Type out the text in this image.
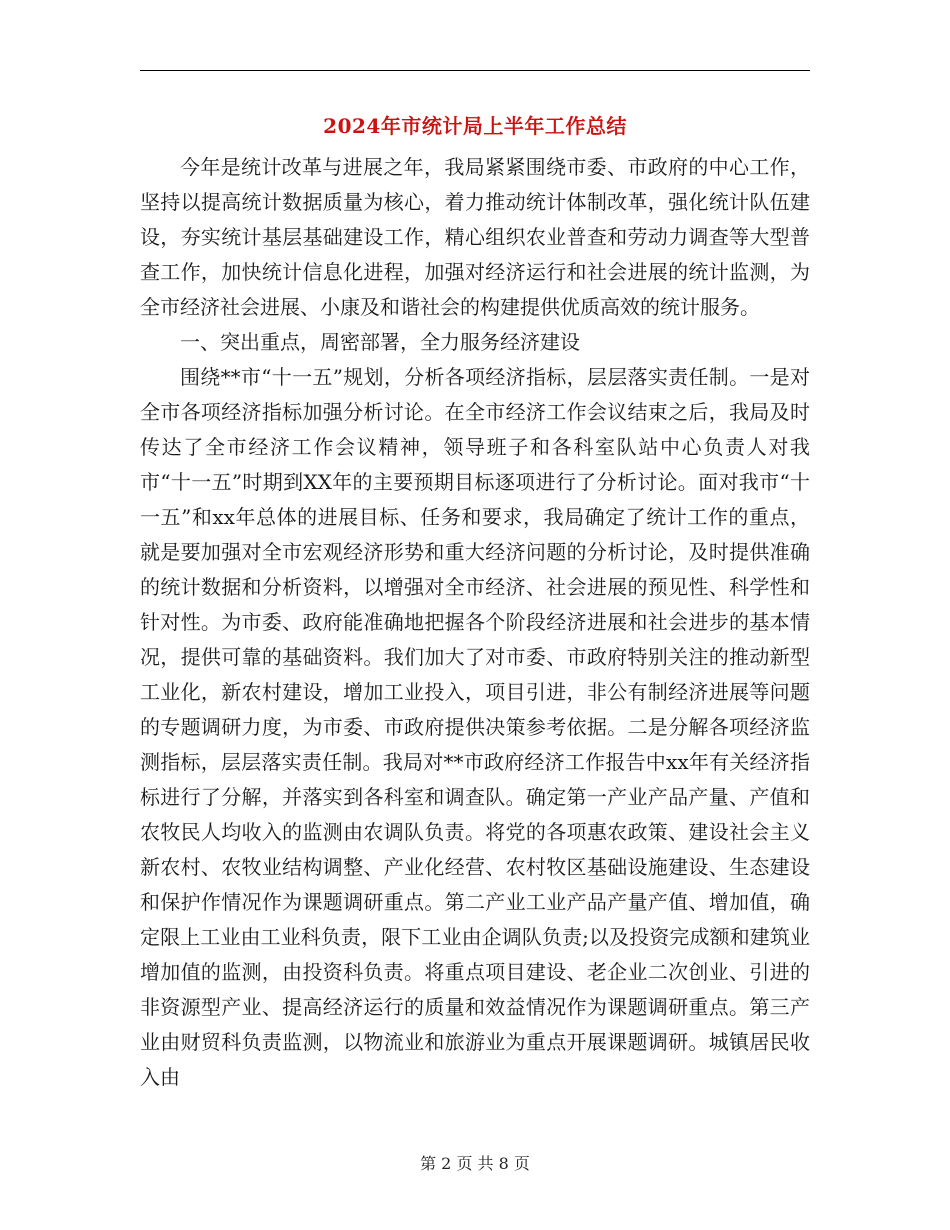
2024年市统计局上半年工作总结

今年是统计改革与进展之年，我局紧紧围绕市委、市政府的中心工作，坚持以提高统计数据质量为核心，着力推动统计体制改革，强化统计队伍建设，夯实统计基层基础建设工作，精心组织农业普查和劳动力调查等大型普查工作，加快统计信息化进程，加强对经济运行和社会进展的统计监测，为全市经济社会进展、小康及和谐社会的构建提供优质高效的统计服务。

一、突出重点，周密部署，全力服务经济建设

围绕**市“十一五”规划，分析各项经济指标，层层落实责任制。一是对全市各项经济指标加强分析讨论。在全市经济工作会议结束之后，我局及时传达了全市经济工作会议精神，领导班子和各科室队站中心负责人对我市“十一五”时期到XX年的主要预期目标逐项进行了分析讨论。面对我市“十一五”和xx年总体的进展目标、任务和要求，我局确定了统计工作的重点，就是要加强对全市宏观经济形势和重大经济问题的分析讨论，及时提供准确的统计数据和分析资料，以增强对全市经济、社会进展的预见性、科学性和针对性。为市委、政府能准确地把握各个阶段经济进展和社会进步的基本情况，提供可靠的基础资料。我们加大了对市委、市政府特别关注的推动新型工业化，新农村建设，增加工业投入，项目引进，非公有制经济进展等问题的专题调研力度，为市委、市政府提供决策参考依据。二是分解各项经济监测指标，层层落实责任制。我局对**市政府经济工作报告中xx年有关经济指标进行了分解，并落实到各科室和调查队。确定第一产业产品产量、产值和农牧民人均收入的监测由农调队负责。将党的各项惠农政策、建设社会主义新农村、农牧业结构调整、产业化经营、农村牧区基础设施建设、生态建设和保护作情况作为课题调研重点。第二产业工业产品产量产值、增加值，确定限上工业由工业科负责，限下工业由企调队负责;以及投资完成额和建筑业增加值的监测，由投资科负责。将重点项目建设、老企业二次创业、引进的非资源型产业、提高经济运行的质量和效益情况作为课题调研重点。第三产业由财贸科负责监测，以物流业和旅游业为重点开展课题调研。城镇居民收入由

第 2 页 共 8 页
